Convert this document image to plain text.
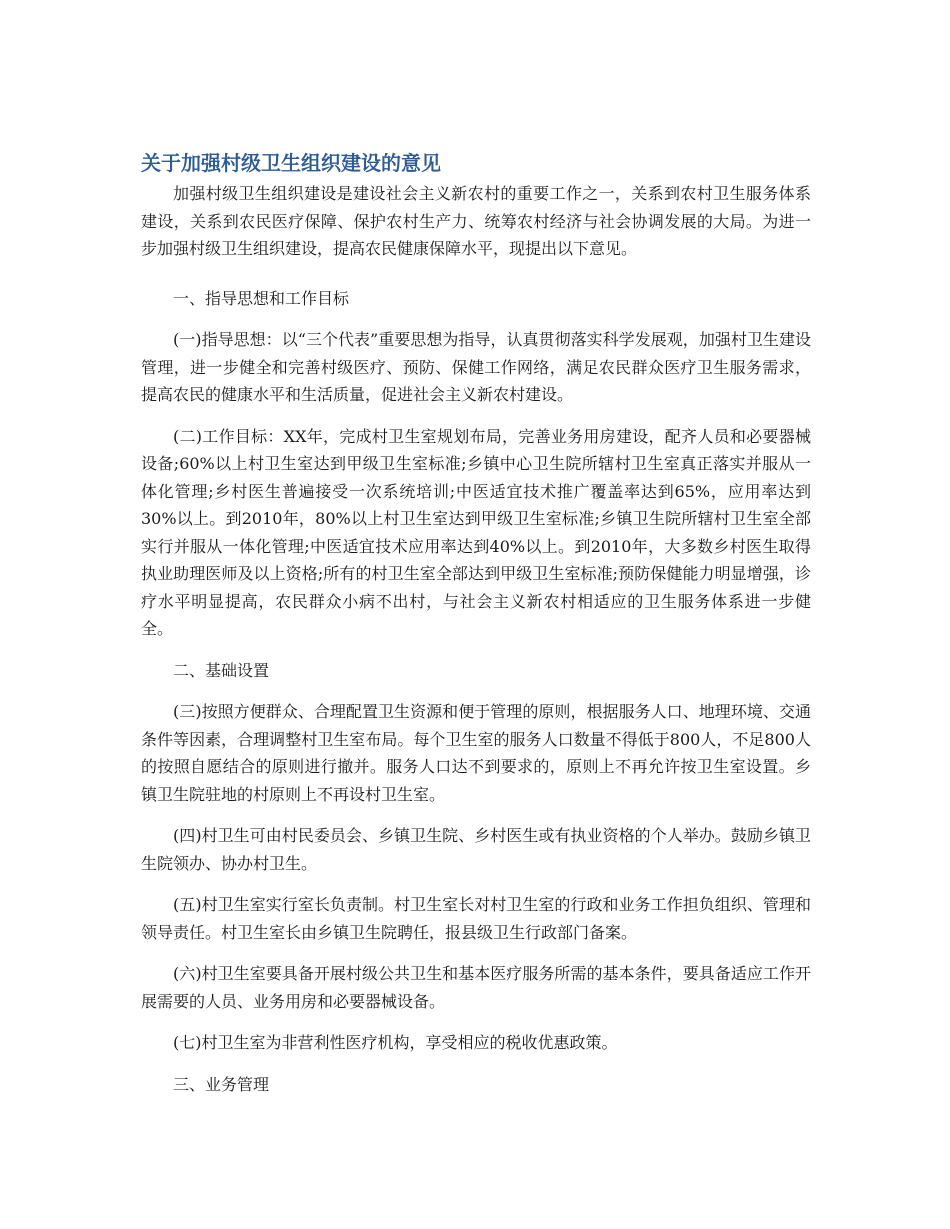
关于加强村级卫生组织建设的意见

加强村级卫生组织建设是建设社会主义新农村的重要工作之一，关系到农村卫生服务体系建设，关系到农民医疗保障、保护农村生产力、统筹农村经济与社会协调发展的大局。为进一步加强村级卫生组织建设，提高农民健康保障水平，现提出以下意见。

一、指导思想和工作目标

(一)指导思想：以“三个代表”重要思想为指导，认真贯彻落实科学发展观，加强村卫生建设管理，进一步健全和完善村级医疗、预防、保健工作网络，满足农民群众医疗卫生服务需求，提高农民的健康水平和生活质量，促进社会主义新农村建设。

(二)工作目标：XX年，完成村卫生室规划布局，完善业务用房建设，配齐人员和必要器械设备;60%以上村卫生室达到甲级卫生室标准;乡镇中心卫生院所辖村卫生室真正落实并服从一体化管理;乡村医生普遍接受一次系统培训;中医适宜技术推广覆盖率达到65%，应用率达到30%以上。到2010年，80%以上村卫生室达到甲级卫生室标准;乡镇卫生院所辖村卫生室全部实行并服从一体化管理;中医适宜技术应用率达到40%以上。到2010年，大多数乡村医生取得执业助理医师及以上资格;所有的村卫生室全部达到甲级卫生室标准;预防保健能力明显增强，诊疗水平明显提高，农民群众小病不出村，与社会主义新农村相适应的卫生服务体系进一步健全。

二、基础设置

(三)按照方便群众、合理配置卫生资源和便于管理的原则，根据服务人口、地理环境、交通条件等因素，合理调整村卫生室布局。每个卫生室的服务人口数量不得低于800人，不足800人的按照自愿结合的原则进行撤并。服务人口达不到要求的，原则上不再允许按卫生室设置。乡镇卫生院驻地的村原则上不再设村卫生室。

(四)村卫生可由村民委员会、乡镇卫生院、乡村医生或有执业资格的个人举办。鼓励乡镇卫生院领办、协办村卫生。

(五)村卫生室实行室长负责制。村卫生室长对村卫生室的行政和业务工作担负组织、管理和领导责任。村卫生室长由乡镇卫生院聘任，报县级卫生行政部门备案。

(六)村卫生室要具备开展村级公共卫生和基本医疗服务所需的基本条件，要具备适应工作开展需要的人员、业务用房和必要器械设备。

(七)村卫生室为非营利性医疗机构，享受相应的税收优惠政策。

三、业务管理
